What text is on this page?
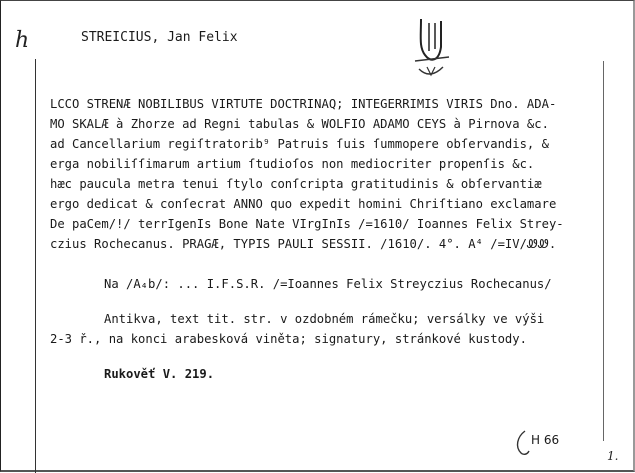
h	STREICIUS, Jan Felix
LCCO STRENÆ NOBILIBUS VIRTUTE DOCTRINAQ; INTEGERRIMIS VIRIS Dno. ADA-
MO SKALÆ à Zhorze ad Regni tabulas & WOLFIO ADAMO CEYS à Pirnova &c.
ad Cancellarium regiſtratorib⁹ Patruis ſuis ſummopere obſervandis, &
erga nobiliſſimarum artium ſtudioſos non mediocriter propenſis &c.
hæc paucula metra tenui ſtylo conſcripta gratitudinis & obſervantiæ
ergo dedicat & conſecrat ANNO quo expedit homini Chriſtiano exclamare
De paCem/!/ terrIgenIs Bone Nate VIrgInIs /=1610/ Ioannes Felix Strey-
czius Rochecanus. PRAGÆ, TYPIS PAULI SESSII. /1610/. 4°. A⁴ /=IV/ᏪᏪ.
Na /A₄b/: ... I.F.S.R. /=Ioannes Felix Streyczius Rochecanus/
Antikva, text tit. str. v ozdobném rámečku; versálky ve výši
2-3 ř., na konci arabesková viněta; signatury, stránkové kustody.
Rukověť V. 219.
H 66
1.
